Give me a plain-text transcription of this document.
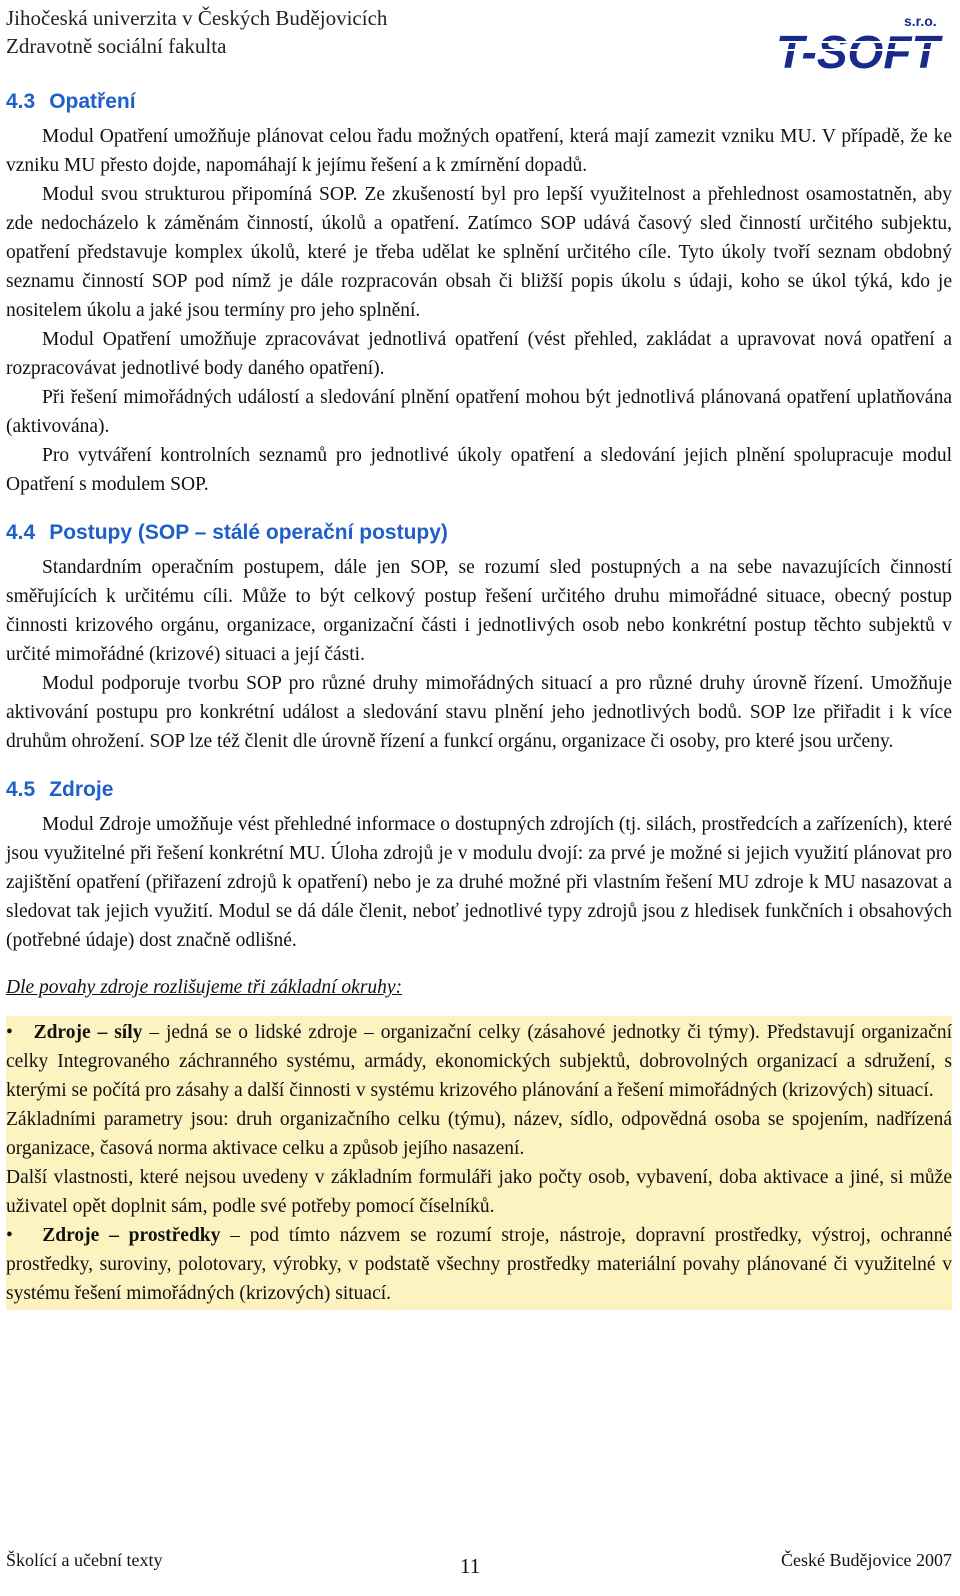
Jihočeská univerzita v Českých Budějovicích
Zdravotně sociální fakulta
s.r.o.
T-SOFT
4.3 Opatření

Modul Opatření umožňuje plánovat celou řadu možných opatření, která mají zamezit vzniku MU. V případě, že ke vzniku MU přesto dojde, napomáhají k jejímu řešení a k zmírnění dopadů.

Modul svou strukturou připomíná SOP. Ze zkušeností byl pro lepší využitelnost a přehlednost osamostatněn, aby zde nedocházelo k záměnám činností, úkolů a opatření. Zatímco SOP udává časový sled činností určitého subjektu, opatření představuje komplex úkolů, které je třeba udělat ke splnění určitého cíle. Tyto úkoly tvoří seznam obdobný seznamu činností SOP pod nímž je dále rozpracován obsah či bližší popis úkolu s údaji, koho se úkol týká, kdo je nositelem úkolu a jaké jsou termíny pro jeho splnění.

Modul Opatření umožňuje zpracovávat jednotlivá opatření (vést přehled, zakládat a upravovat nová opatření a rozpracovávat jednotlivé body daného opatření).

Při řešení mimořádných událostí a sledování plnění opatření mohou být jednotlivá plánovaná opatření uplatňována (aktivována).

Pro vytváření kontrolních seznamů pro jednotlivé úkoly opatření a sledování jejich plnění spolupracuje modul Opatření s modulem SOP.

4.4 Postupy (SOP – stálé operační postupy)

Standardním operačním postupem, dále jen SOP, se rozumí sled postupných a na sebe navazujících činností směřujících k určitému cíli. Může to být celkový postup řešení určitého druhu mimořádné situace, obecný postup činnosti krizového orgánu, organizace, organizační části i jednotlivých osob nebo konkrétní postup těchto subjektů v určité mimořádné (krizové) situaci a její části.

Modul podporuje tvorbu SOP pro různé druhy mimořádných situací a pro různé druhy úrovně řízení. Umožňuje aktivování postupu pro konkrétní událost a sledování stavu plnění jeho jednotlivých bodů. SOP lze přiřadit i k více druhům ohrožení. SOP lze též členit dle úrovně řízení a funkcí orgánu, organizace či osoby, pro které jsou určeny.

4.5 Zdroje

Modul Zdroje umožňuje vést přehledné informace o dostupných zdrojích (tj. silách, prostředcích a zařízeních), které jsou využitelné při řešení konkrétní MU. Úloha zdrojů je v modulu dvojí: za prvé je možné si jejich využití plánovat pro zajištění opatření (přiřazení zdrojů k opatření) nebo je za druhé možné při vlastním řešení MU zdroje k MU nasazovat a sledovat tak jejich využití. Modul se dá dále členit, neboť jednotlivé typy zdrojů jsou z hledisek funkčních i obsahových (potřebné údaje) dost značně odlišné.

Dle povahy zdroje rozlišujeme tři základní okruhy:

• Zdroje – síly – jedná se o lidské zdroje – organizační celky (zásahové jednotky či týmy). Představují organizační celky Integrovaného záchranného systému, armády, ekonomických subjektů, dobrovolných organizací a sdružení, s kterými se počítá pro zásahy a další činnosti v systému krizového plánování a řešení mimořádných (krizových) situací.

Základními parametry jsou: druh organizačního celku (týmu), název, sídlo, odpovědná osoba se spojením, nadřízená organizace, časová norma aktivace celku a způsob jejího nasazení.

Další vlastnosti, které nejsou uvedeny v základním formuláři jako počty osob, vybavení, doba aktivace a jiné, si může uživatel opět doplnit sám, podle své potřeby pomocí číselníků.

• Zdroje – prostředky – pod tímto názvem se rozumí stroje, nástroje, dopravní prostředky, výstroj, ochranné prostředky, suroviny, polotovary, výrobky, v podstatě všechny prostředky materiální povahy plánované či využitelné v systému řešení mimořádných (krizových) situací.

Školící a učební texty	11	České Budějovice 2007
